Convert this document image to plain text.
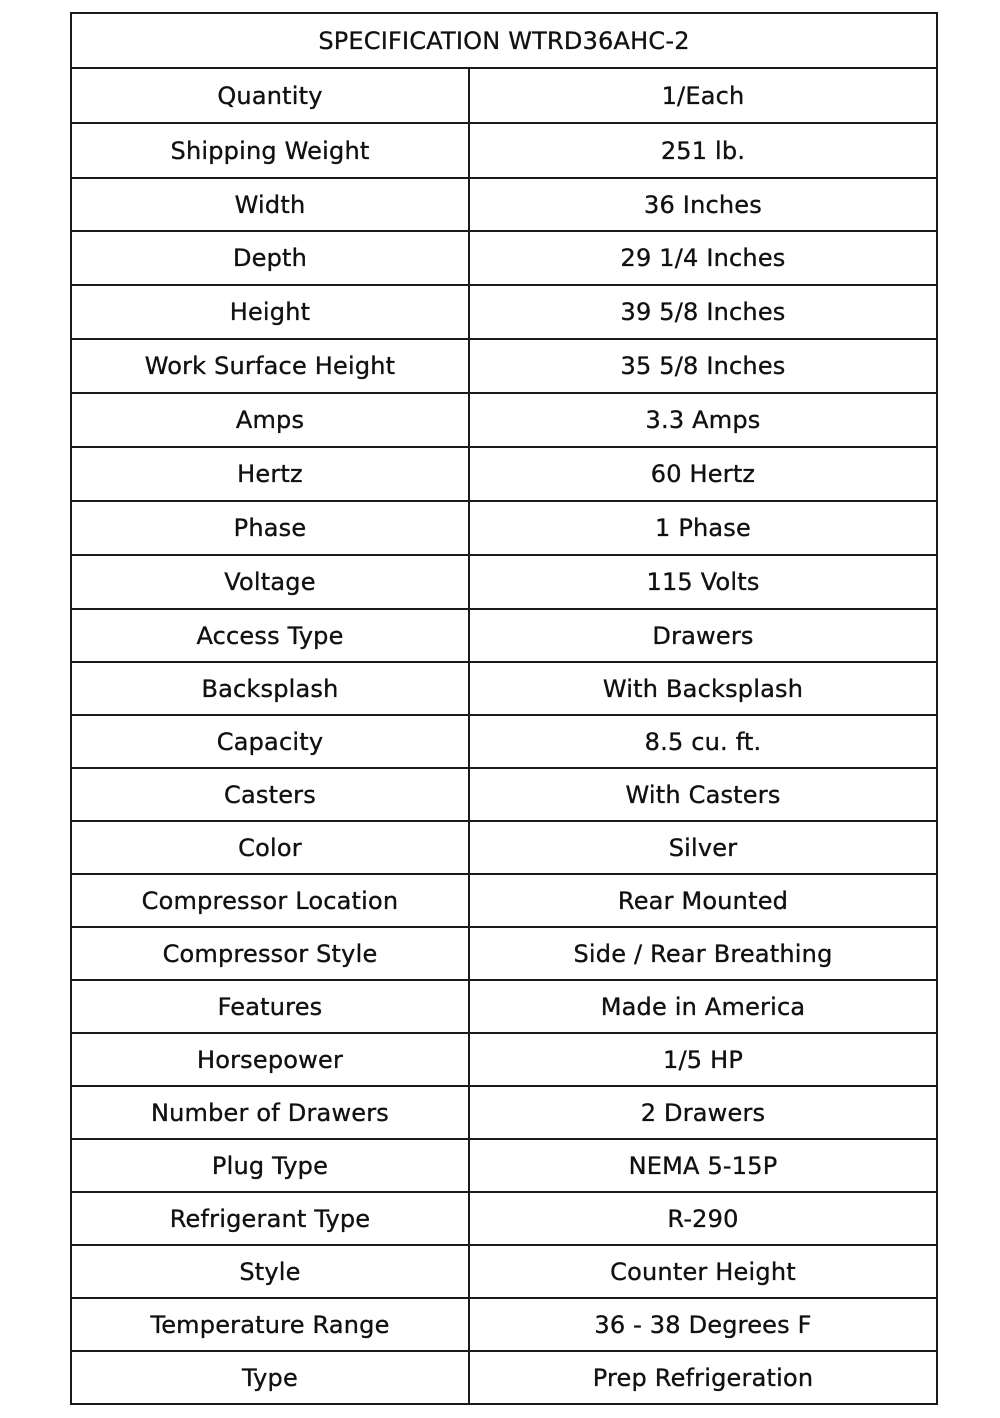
SPECIFICATION WTRD36AHC-2	
Quantity	1/Each
Shipping Weight	251 lb.
Width	36 Inches
Depth	29 1/4 Inches
Height	39 5/8 Inches
Work Surface Height	35 5/8 Inches
Amps	3.3 Amps
Hertz	60 Hertz
Phase	1 Phase
Voltage	115 Volts
Access Type	Drawers
Backsplash	With Backsplash
Capacity	8.5 cu. ft.
Casters	With Casters
Color	Silver
Compressor Location	Rear Mounted
Compressor Style	Side / Rear Breathing
Features	Made in America
Horsepower	1/5 HP
Number of Drawers	2 Drawers
Plug Type	NEMA 5-15P
Refrigerant Type	R-290
Style	Counter Height
Temperature Range	36 - 38 Degrees F
Type	Prep Refrigeration
